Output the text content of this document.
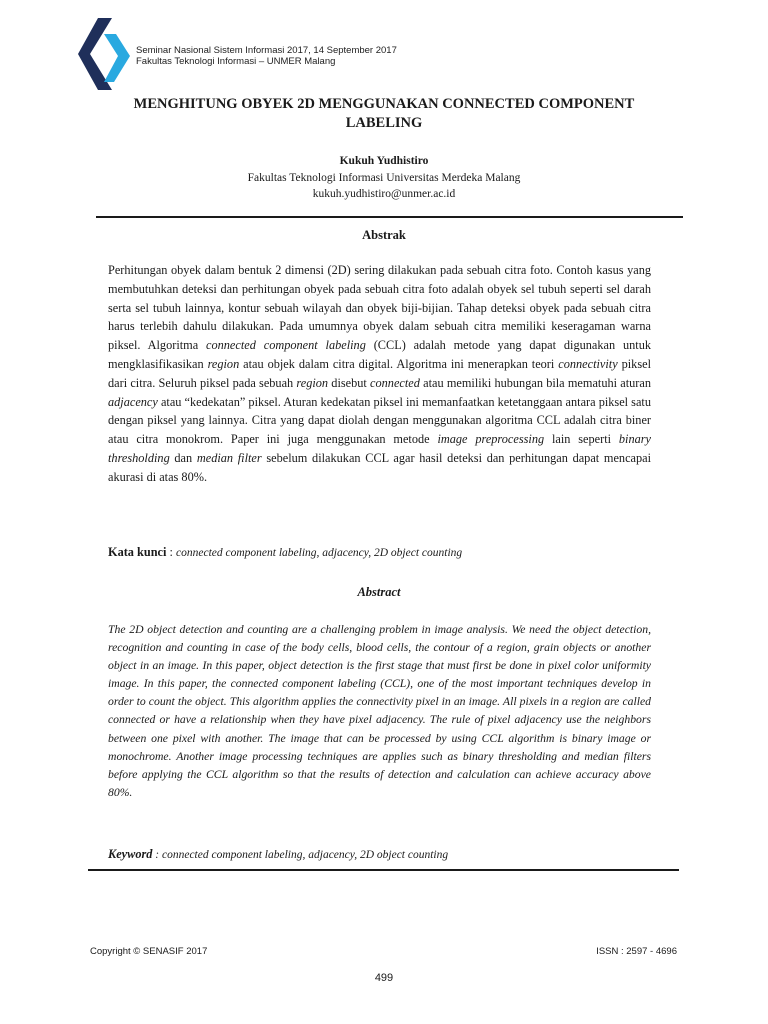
Seminar Nasional Sistem Informasi 2017, 14 September 2017
Fakultas Teknologi Informasi – UNMER Malang
MENGHITUNG OBYEK 2D MENGGUNAKAN CONNECTED COMPONENT
LABELING
Kukuh Yudhistiro
Fakultas Teknologi Informasi Universitas Merdeka Malang
kukuh.yudhistiro@unmer.ac.id
Abstrak
Perhitungan obyek dalam bentuk 2 dimensi (2D) sering dilakukan pada sebuah citra foto. Contoh kasus yang membutuhkan deteksi dan perhitungan obyek pada sebuah citra foto adalah obyek sel tubuh seperti sel darah serta sel tubuh lainnya, kontur sebuah wilayah dan obyek biji-bijian. Tahap deteksi obyek pada sebuah citra harus terlebih dahulu dilakukan. Pada umumnya obyek dalam sebuah citra memiliki keseragaman warna piksel. Algoritma connected component labeling (CCL) adalah metode yang dapat digunakan untuk mengklasifikasikan region atau objek dalam citra digital. Algoritma ini menerapkan teori connectivity piksel dari citra. Seluruh piksel pada sebuah region disebut connected atau memiliki hubungan bila mematuhi aturan adjacency atau “kedekatan” piksel. Aturan kedekatan piksel ini memanfaatkan ketetanggaan antara piksel satu dengan piksel yang lainnya. Citra yang dapat diolah dengan menggunakan algoritma CCL adalah citra biner atau citra monokrom. Paper ini juga menggunakan metode image preprocessing lain seperti binary thresholding dan median filter sebelum dilakukan CCL agar hasil deteksi dan perhitungan dapat mencapai akurasi di atas 80%.
Kata kunci : connected component labeling, adjacency, 2D object counting
Abstract
The 2D object detection and counting are a challenging problem in image analysis. We need the object detection, recognition and counting in case of the body cells, blood cells, the contour of a region, grain objects or another object in an image. In this paper, object detection is the first stage that must first be done in pixel color uniformity image. In this paper, the connected component labeling (CCL), one of the most important techniques develop in order to count the object. This algorithm applies the connectivity pixel in an image. All pixels in a region are called connected or have a relationship when they have pixel adjacency. The rule of pixel adjacency use the neighbors between one pixel with another. The image that can be processed by using CCL algorithm is binary image or monochrome. Another image processing techniques are applies such as binary thresholding and median filters before applying the CCL algorithm so that the results of detection and calculation can achieve accuracy above 80%.
Keyword : connected component labeling, adjacency, 2D object counting
Copyright © SENASIF 2017	ISSN : 2597 - 4696
499
